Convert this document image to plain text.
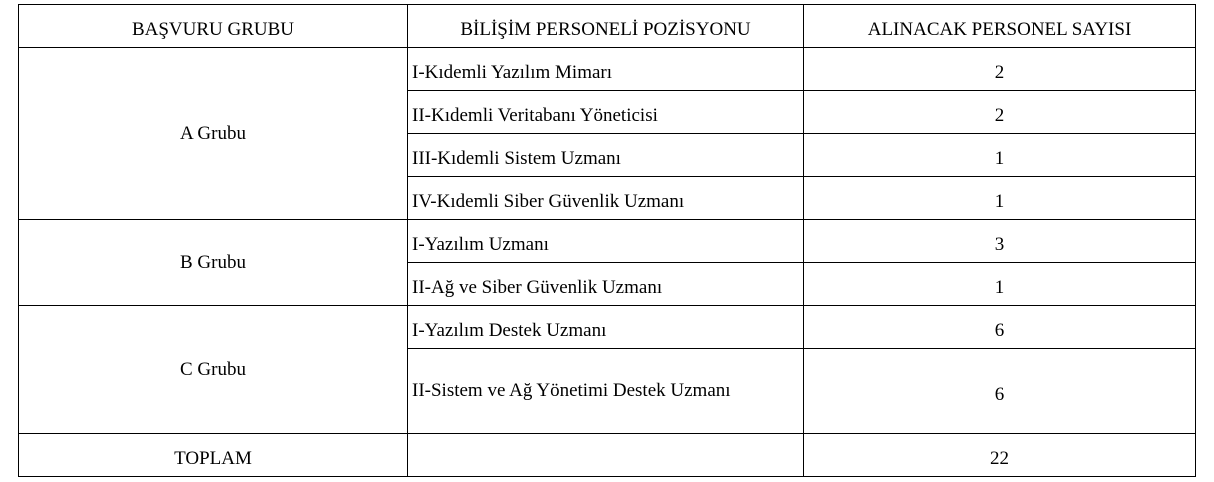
BAŞVURU GRUBU	BİLİŞİM PERSONELİ POZİSYONU	ALINACAK PERSONEL SAYISI
A Grubu	I-Kıdemli Yazılım Mimarı	2
	II-Kıdemli Veritabanı Yöneticisi	2
	III-Kıdemli Sistem Uzmanı	1
	IV-Kıdemli Siber Güvenlik Uzmanı	1
B Grubu	I-Yazılım Uzmanı	3
	II-Ağ ve Siber Güvenlik Uzmanı	1
C Grubu	I-Yazılım Destek Uzmanı	6

	II-Sistem ve Ağ Yönetimi Destek Uzmanı	6
TOPLAM		22
